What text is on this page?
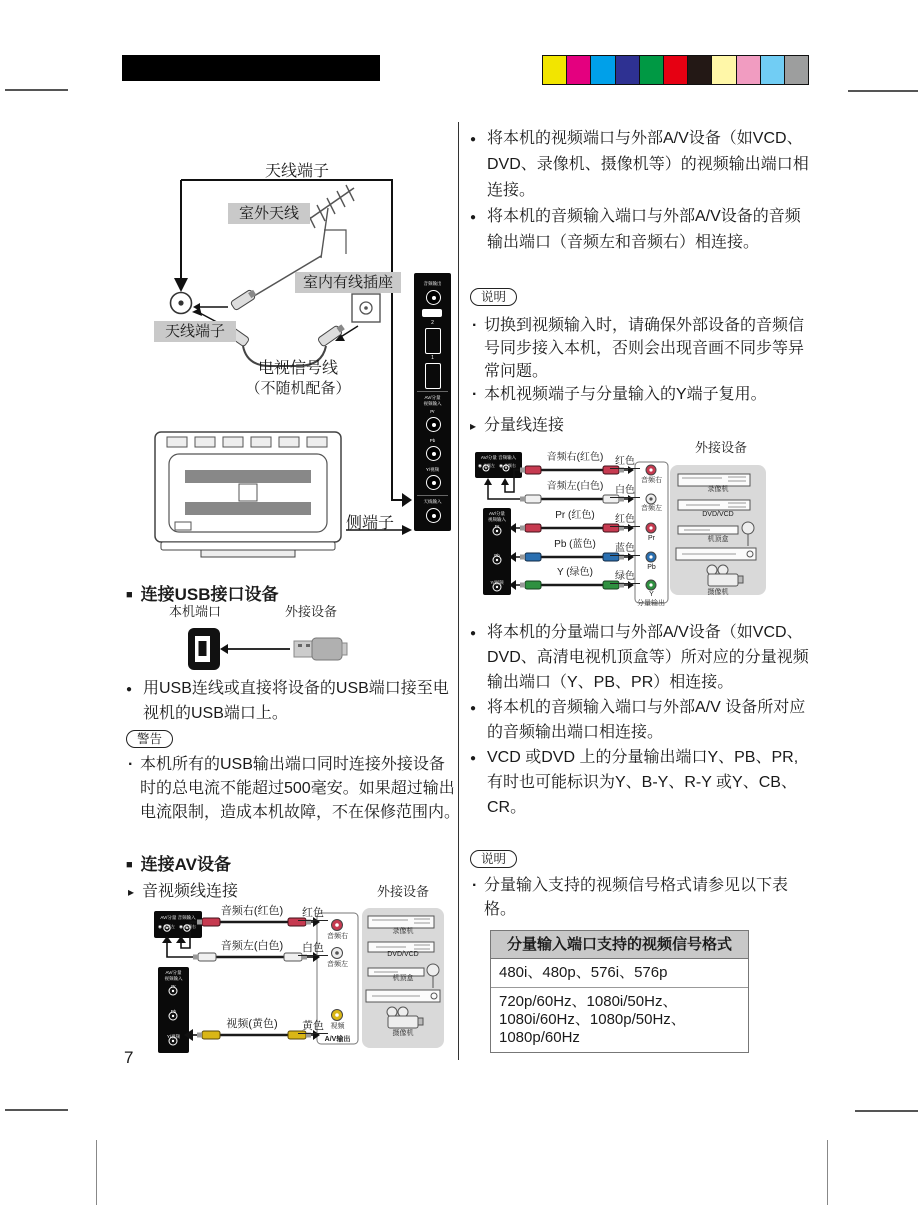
天线端子
室外天线
室内有线插座
天线端子
电视信号线
（不随机配备）
侧端子
音频输出
2
1
AV/分量
视频输入
Pr
Pb
Y/视频
天线输入
■ 连接USB接口设备
本机端口	外接设备
● 用USB连线或直接将设备的USB端口接至电视机的USB端口上。
警告
· 本机所有的USB输出端口同时连接外接设备时的总电流不能超过500毫安。如果超过输出电流限制，造成本机故障，不在保修范围内。
■ 连接AV设备
▸ 音视频线连接	外接设备
AV/分量 音频输入
◉ 音频左	◉ 音频右
AV/分量
视频输入
Pr
Pb
Y/视频
音频右(红色)
音频左(白色)
视频(黄色)
红色
白色
黄色
音频右
音频左
视频
A/V输出
录像机
DVD/VCD
机顶盒
摄像机
7
● 将本机的视频端口与外部A/V设备（如VCD、DVD、录像机、摄像机等）的视频输出端口相连接。
● 将本机的音频输入端口与外部A/V设备的音频输出端口（音频左和音频右）相连接。
说明
· 切换到视频输入时，请确保外部设备的音频信号同步接入本机，否则会出现音画不同步等异常问题。
· 本机视频端子与分量输入的Y端子复用。
▸ 分量线连接
外接设备
AV/分量 音频输入
◉ 音频左	◉ 音频右
AV/分量
视频输入
Pr
Pb
Y/视频
音频右(红色)
音频左(白色)
Pr (红色)
Pb (蓝色)
Y (绿色)
红色
白色
红色
蓝色
绿色
音频右
音频左
Pr
Pb
Y
分量输出
录像机
DVD/VCD
机顶盒
摄像机
● 将本机的分量端口与外部A/V设备（如VCD、DVD、高清电视机顶盒等）所对应的分量视频输出端口（Y、PB、PR）相连接。
● 将本机的音频输入端口与外部A/V 设备所对应的音频输出端口相连接。
● VCD 或DVD 上的分量输出端口Y、PB、PR, 有时也可能标识为Y、B-Y、R-Y 或Y、CB、CR。
说明
· 分量输入支持的视频信号格式请参见以下表格。
分量输入端口支持的视频信号格式
480i、480p、576i、576p
720p/60Hz、1080i/50Hz、1080i/60Hz、1080p/50Hz、1080p/60Hz
